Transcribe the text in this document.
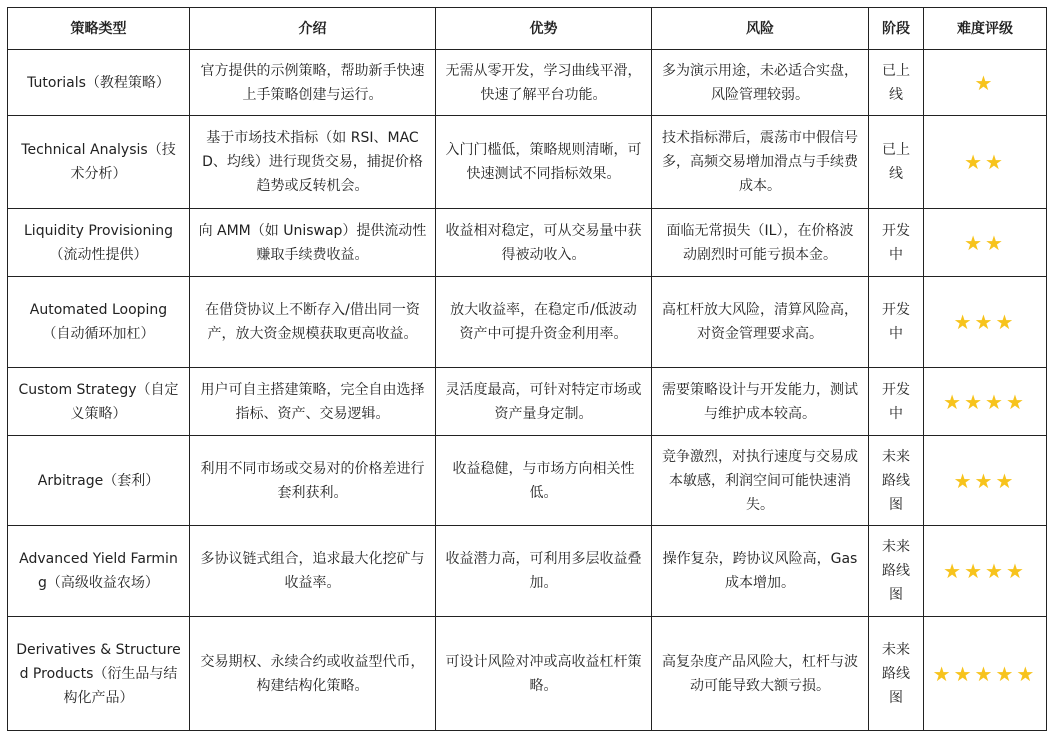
策略类型	介绍	优势	风险	阶段	难度评级
Tutorials（教程策略）	官方提供的示例策略，帮助新手快速上手策略创建与运行。	无需从零开发，学习曲线平滑，快速了解平台功能。	多为演示用途，未必适合实盘，风险管理较弱。	已上线	★
Technical Analysis（技术分析）	基于市场技术指标（如 RSI、MACD、均线）进行现货交易，捕捉价格趋势或反转机会。	入门门槛低，策略规则清晰，可快速测试不同指标效果。	技术指标滞后，震荡市中假信号多，高频交易增加滑点与手续费成本。	已上线	★★
Liquidity Provisioning（流动性提供）	向 AMM（如 Uniswap）提供流动性赚取手续费收益。	收益相对稳定，可从交易量中获得被动收入。	面临无常损失（IL），在价格波动剧烈时可能亏损本金。	开发中	★★
Automated Looping（自动循环加杠）	在借贷协议上不断存入/借出同一资产，放大资金规模获取更高收益。	放大收益率，在稳定币/低波动资产中可提升资金利用率。	高杠杆放大风险，清算风险高，对资金管理要求高。	开发中	★★★
Custom Strategy（自定义策略）	用户可自主搭建策略，完全自由选择指标、资产、交易逻辑。	灵活度最高，可针对特定市场或资产量身定制。	需要策略设计与开发能力，测试与维护成本较高。	开发中	★★★★
Arbitrage（套利）	利用不同市场或交易对的价格差进行套利获利。	收益稳健，与市场方向相关性低。	竞争激烈，对执行速度与交易成本敏感，利润空间可能快速消失。	未来路线图	★★★
Advanced Yield Farming（高级收益农场）	多协议链式组合，追求最大化挖矿与收益率。	收益潜力高，可利用多层收益叠加。	操作复杂，跨协议风险高，Gas 成本增加。	未来路线图	★★★★
Derivatives & Structured Products（衍生品与结构化产品）	交易期权、永续合约或收益型代币，构建结构化策略。	可设计风险对冲或高收益杠杆策略。	高复杂度产品风险大，杠杆与波动可能导致大额亏损。	未来路线图	★★★★★
